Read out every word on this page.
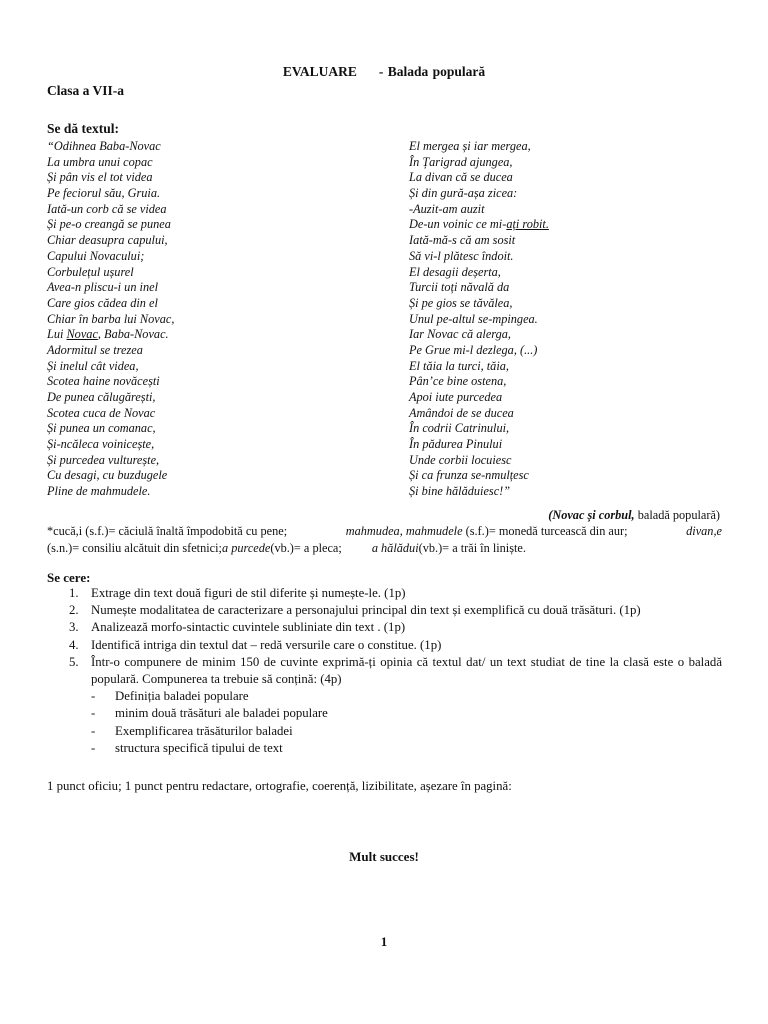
EVALUARE - Balada populară
Clasa a VII-a
Se dă textul:
“Odihnea Baba-Novac
La umbra unui copac
Și pân vis el tot videa
Pe feciorul său, Gruia.
Iată-un corb că se videa
Și pe-o creangă se punea
Chiar deasupra capului,
Capului Novacului;
Corbulețul ușurel
Avea-n pliscu-i un inel
Care gios cădea din el
Chiar în barba lui Novac,
Lui Novac, Baba-Novac.
Adormitul se trezea
Și inelul cât videa,
Scotea haine novăcești
De punea călugărești,
Scotea cuca de Novac
Și punea un comanac,
Și-ncăleca voinicește,
Și purcedea vulturește,
Cu desagi, cu buzdugele
Pline de mahmudele.
El mergea și iar mergea,
În Țarigrad ajungea,
La divan că se ducea
Și din gură-așa zicea:
-Auzit-am auzit
De-un voinic ce mi-ați robit.
Iată-mă-s că am sosit
Să vi-l plătesc îndoit.
El desagii deșerta,
Turcii toți năvală da
Și pe gios se tăvălea,
Unul pe-altul se-mpingea.
Iar Novac că alerga,
Pe Grue mi-l dezlega, (...)
El tăia la turci, tăia,
Pân’ce bine ostena,
Apoi iute purcedea
Amândoi de se ducea
În codrii Catrinului,
În pădurea Pinului
Unde corbii locuiesc
Și ca frunza se-nmulțesc
Și bine hălăduiesc!”
(Novac și corbul, baladă populară)
*cucă,i (s.f.)= căciulă înaltă împodobită cu pene;	mahmudea, mahmudele (s.f.)= monedă turcească din aur;	divan,e
(s.n.)= consiliu alcătuit din sfetnici; a purcede (vb.)= a pleca; a hălădui (vb.)= a trăi în liniște.
Se cere:
1. Extrage din text două figuri de stil diferite și numește-le. (1p)
2. Numește modalitatea de caracterizare a personajului principal din text și exemplifică cu două trăsături. (1p)
3. Analizează morfo-sintactic cuvintele subliniate din text . (1p)
4. Identifică intriga din textul dat – redă versurile care o constitue. (1p)
5. Într-o compunere de minim 150 de cuvinte exprimă-ți opinia că textul dat/ un text studiat de tine la clasă este o baladă populară. Compunerea ta trebuie să conțină: (4p)
-	Definiția baladei populare
-	minim două trăsături ale baladei populare
-	Exemplificarea trăsăturilor baladei
-	structura specifică tipului de text
1 punct oficiu; 1 punct pentru redactare, ortografie, coerență, lizibilitate, așezare în pagină:
Mult succes!
1
